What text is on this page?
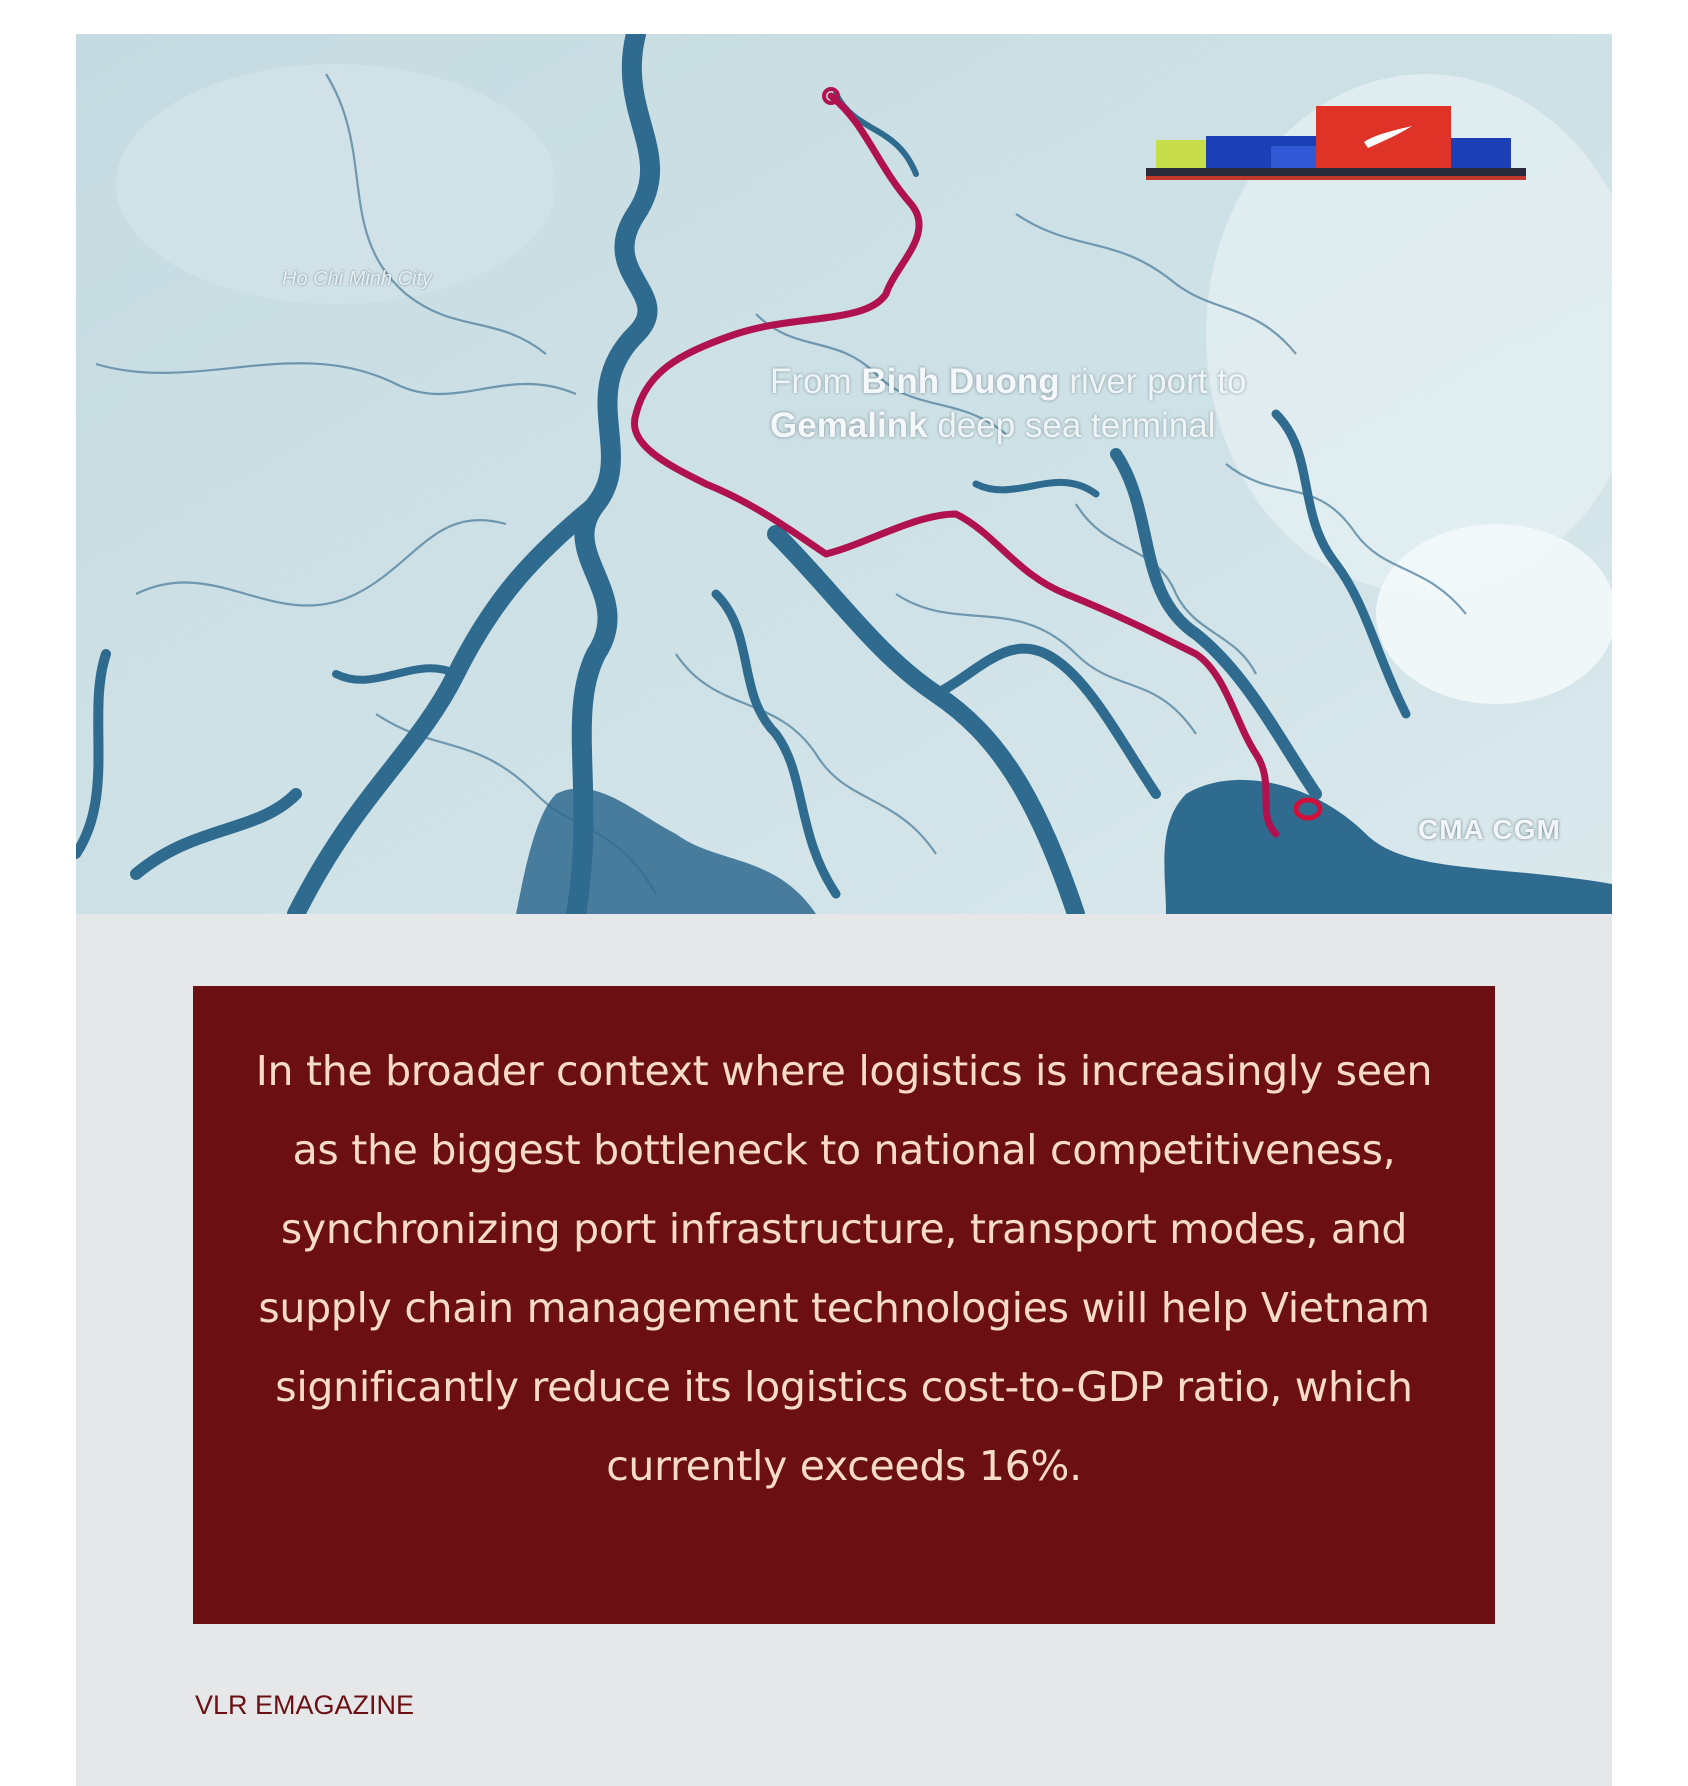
Ho Chi Minh City
From Binh Duong river port to
Gemalink deep sea terminal
CMA CGM

In the broader context where logistics is increasingly seen as the biggest bottleneck to national competitiveness, synchronizing port infrastructure, transport modes, and supply chain management technologies will help Vietnam significantly reduce its logistics cost-to-GDP ratio, which currently exceeds 16%.

VLR EMAGAZINE
